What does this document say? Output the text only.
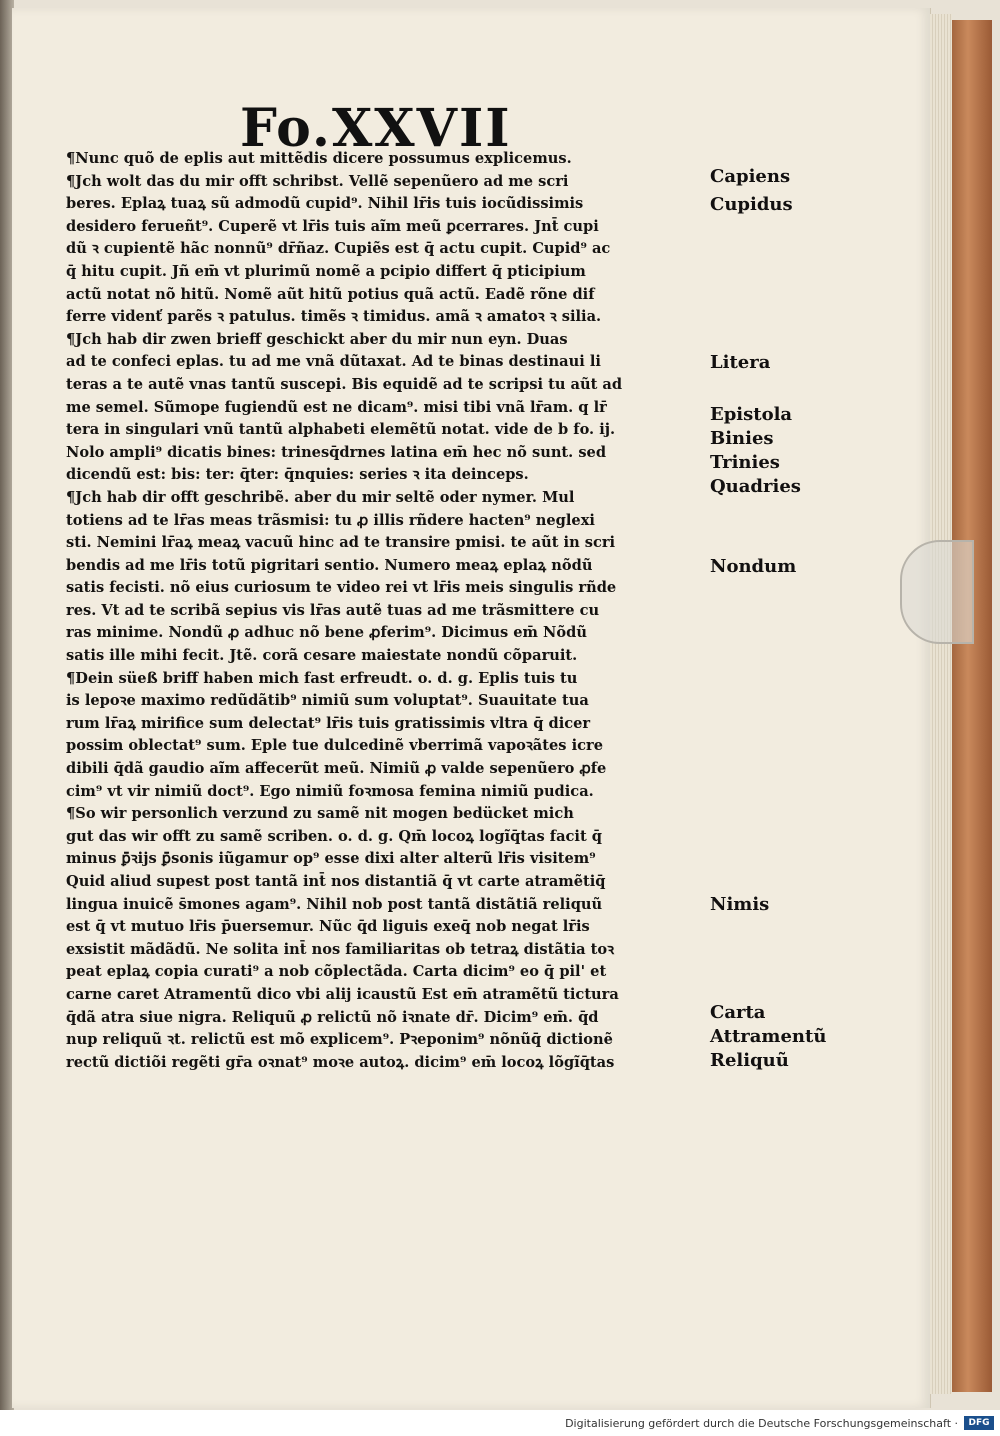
Fo.XXVII
¶Nunc quõ de eplis aut mittẽdis dicere possumus explicemus.
¶Jch wolt das du mir offt schribst. Vellẽ sepenũero ad me scri
beres. Eplaꝝ tuaꝝ sũ admodũ cupid⁹. Nihil lr̄is tuis iocũdissimis
desidero ferueñt⁹. Cuperẽ vt lr̄is tuis aĩm meũ ꝑcerrares. Jnt̄ cupi
dũ ꝛ cupientẽ hãc nonnũ⁹ dr̄ñaz. Cupiẽs est q̄ actu cupit. Cupid⁹ ac
q̄ hitu cupit. Jñ em̄ vt plurimũ nomẽ a pcipio differt q̄ pticipium
actũ notat nõ hitũ. Nomẽ aũt hitũ potius quã actũ. Eadẽ rõne dif
ferre videnť parẽs ꝛ patulus. timẽs ꝛ timidus. amã ꝛ amatoꝛ ꝛ silia.
¶Jch hab dir zwen brieff geschickt aber du mir nun eyn. Duas
ad te confeci eplas. tu ad me vnã dũtaxat. Ad te binas destinaui li
teras a te autẽ vnas tantũ suscepi. Bis equidẽ ad te scripsi tu aũt ad
me semel. Sũmope fugiendũ est ne dicam⁹. misi tibi vnã lr̄am. q lr̄
tera in singulari vnũ tantũ alphabeti elemẽtũ notat. vide de b fo. ij.
Nolo ampli⁹ dicatis bines: trinesq̄drnes latina em̄ hec nõ sunt. sed
dicendũ est: bis: ter: q̄ter: q̄nquies: series ꝛ ita deinceps.
¶Jch hab dir offt geschribẽ. aber du mir seltẽ oder nymer. Mul
totiens ad te lr̄as meas trãsmisi: tu ꝓ illis rñdere hacten⁹ neglexi
sti. Nemini lr̄aꝝ meaꝝ vacuũ hinc ad te transire pmisi. te aũt in scri
bendis ad me lr̄is totũ pigritari sentio. Numero meaꝝ eplaꝝ nõdũ
satis fecisti. nõ eius curiosum te video rei vt lr̄is meis singulis rñde
res. Vt ad te scribã sepius vis lr̄as autẽ tuas ad me trãsmittere cu
ras minime. Nondũ ꝓ adhuc nõ bene ꝓferim⁹. Dicimus em̄ Nõdũ
satis ille mihi fecit. Jtẽ. corã cesare maiestate nondũ cõparuit.
¶Dein süeß briff haben mich fast erfreudt. o. d. g. Eplis tuis tu
is lepoꝛe maximo redũdãtib⁹ nimiũ sum voluptat⁹. Suauitate tua
rum lr̄aꝝ mirifice sum delectat⁹ lr̄is tuis gratissimis vltra q̄ dicer
possim oblectat⁹ sum. Eple tue dulcedinẽ vberrimã vapoꝛãtes icre
dibili q̄dã gaudio aĩm affecerũt meũ. Nimiũ ꝓ valde sepenũero ꝓfe
cim⁹ vt vir nimiũ doct⁹. Ego nimiũ foꝛmosa femina nimiũ pudica.
¶So wir personlich verzund zu samẽ nit mogen bedücket mich
gut das wir offt zu samẽ scriben. o. d. g. Qm̄ locoꝝ logĩq̄tas facit q̄
minus ꝑ̄ꝛijs ꝑ̄sonis iũgamur op⁹ esse dixi alter alterũ lr̄is visitem⁹
Quid aliud supest post tantã int̄ nos distantiã q̄ vt carte atramẽtiq̄
lingua inuicẽ s̄mones agam⁹. Nihil nob post tantã distãtiã reliquũ
est q̄ vt mutuo lr̄is p̄uersemur. Nũc q̄d liguis exeq̄ nob negat lr̄is
exsistit mãdãdũ. Ne solita int̄ nos familiaritas ob tetraꝝ distãtia toꝛ
peat eplaꝝ copia curati⁹ a nob cõplectãda. Carta dicim⁹ eo q̄ pil' et
carne caret Atramentũ dico vbi alij icaustũ Est em̄ atramẽtũ tictura
q̄dã atra siue nigra. Reliquũ ꝓ relictũ nõ iꝛnate dr̄. Dicim⁹ em̄. q̄d
nup reliquũ ꝛt. relictũ est mõ explicem⁹. Pꝛeponim⁹ nõnũq̄ dictionẽ
rectũ dictiõi regẽti gr̄a oꝛnat⁹ moꝛe autoꝝ. dicim⁹ em̄ locoꝝ lõgĩq̄tas
Capiens
Cupidus
Litera
Epistola
Binies
Trinies
Quadries
Nondum
Nimis
Carta
Attramentũ
Reliquũ
Digitalisierung gefördert durch die Deutsche Forschungsgemeinschaft ·	DFG
